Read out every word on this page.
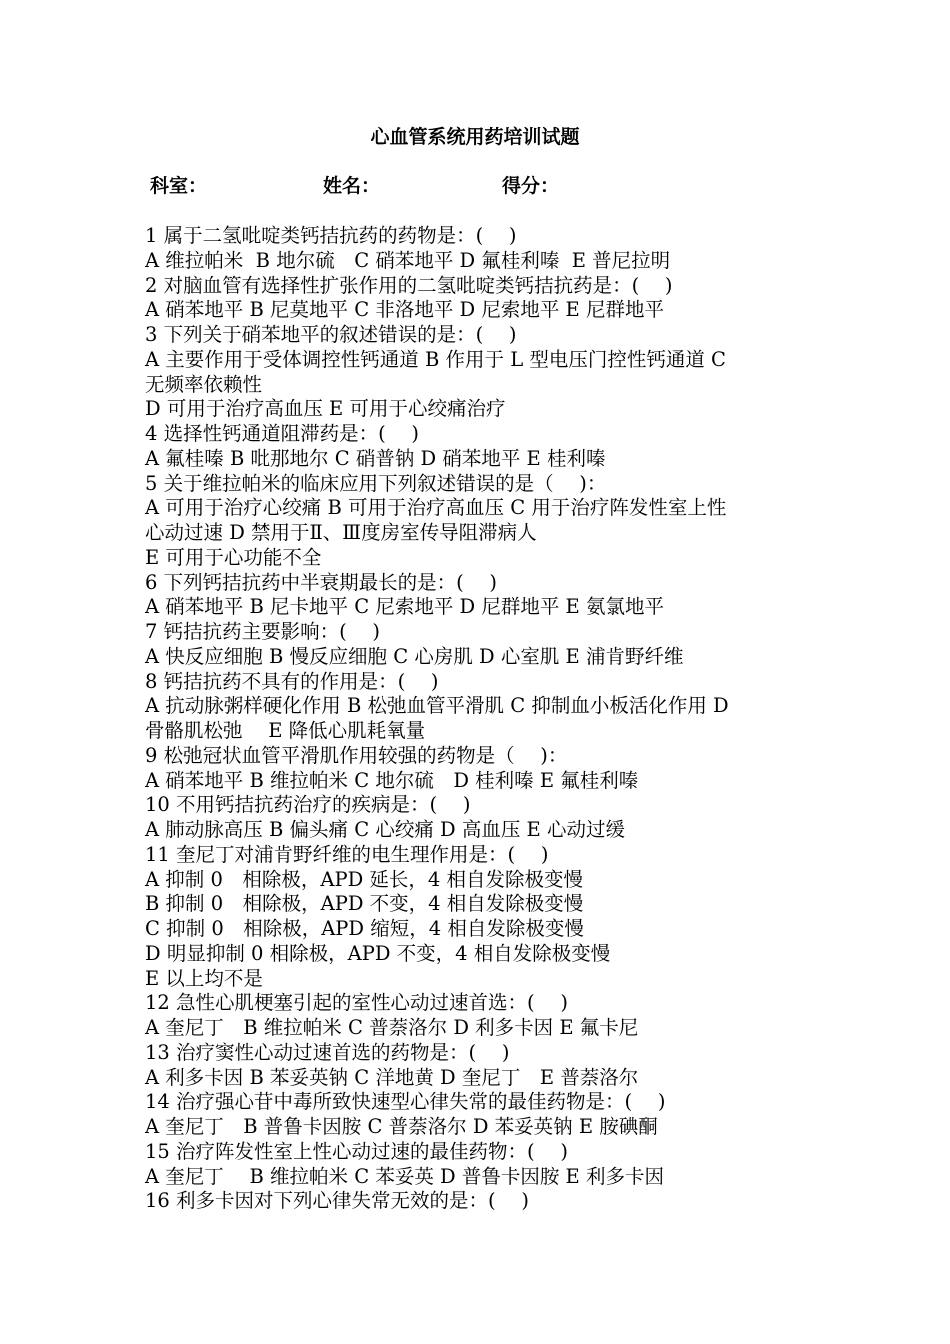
心血管系统用药培训试题
科室：	姓名：	得分：
1 属于二氢吡啶类钙拮抗药的药物是：(　 )
A 维拉帕米  B 地尔硫　C 硝苯地平 D 氟桂利嗪  E 普尼拉明
2 对脑血管有选择性扩张作用的二氢吡啶类钙拮抗药是：(　 )
A 硝苯地平 B 尼莫地平 C 非洛地平 D 尼索地平 E 尼群地平
3 下列关于硝苯地平的叙述错误的是：(　 )
A 主要作用于受体调控性钙通道 B 作用于 L 型电压门控性钙通道 C
无频率依赖性
D 可用于治疗高血压 E 可用于心绞痛治疗
4 选择性钙通道阻滞药是：(　 )
A 氟桂嗪 B 吡那地尔 C 硝普钠 D 硝苯地平 E 桂利嗪
5 关于维拉帕米的临床应用下列叙述错误的是（　 )：
A 可用于治疗心绞痛 B 可用于治疗高血压 C 用于治疗阵发性室上性
心动过速 D 禁用于Ⅱ、Ⅲ度房室传导阻滞病人
E 可用于心功能不全
6 下列钙拮抗药中半衰期最长的是：(　 )
A 硝苯地平 B 尼卡地平 C 尼索地平 D 尼群地平 E 氨氯地平
7 钙拮抗药主要影响：(　 )
A 快反应细胞 B 慢反应细胞 C 心房肌 D 心室肌 E 浦肯野纤维
8 钙拮抗药不具有的作用是：(　 )
A 抗动脉粥样硬化作用 B 松弛血管平滑肌 C 抑制血小板活化作用 D
骨骼肌松弛　 E 降低心肌耗氧量
9 松弛冠状血管平滑肌作用较强的药物是（　 )：
A 硝苯地平 B 维拉帕米 C 地尔硫　D 桂利嗪 E 氟桂利嗪
10 不用钙拮抗药治疗的疾病是：(　 )
A 肺动脉高压 B 偏头痛 C 心绞痛 D 高血压 E 心动过缓
11 奎尼丁对浦肯野纤维的电生理作用是：(　 )
A 抑制 0　相除极，APD 延长，4 相自发除极变慢
B 抑制 0　相除极，APD 不变，4 相自发除极变慢
C 抑制 0　相除极，APD 缩短，4 相自发除极变慢
D 明显抑制 0 相除极，APD 不变，4 相自发除极变慢
E 以上均不是
12 急性心肌梗塞引起的室性心动过速首选：(　 )
A 奎尼丁　B 维拉帕米 C 普萘洛尔 D 利多卡因 E 氟卡尼
13 治疗窦性心动过速首选的药物是：(　 )
A 利多卡因 B 苯妥英钠 C 洋地黄 D 奎尼丁　E 普萘洛尔
14 治疗强心苷中毒所致快速型心律失常的最佳药物是：(　 )
A 奎尼丁　B 普鲁卡因胺 C 普萘洛尔 D 苯妥英钠 E 胺碘酮
15 治疗阵发性室上性心动过速的最佳药物：(　 )
A 奎尼丁　 B 维拉帕米 C 苯妥英 D 普鲁卡因胺 E 利多卡因
16 利多卡因对下列心律失常无效的是：(　 )
